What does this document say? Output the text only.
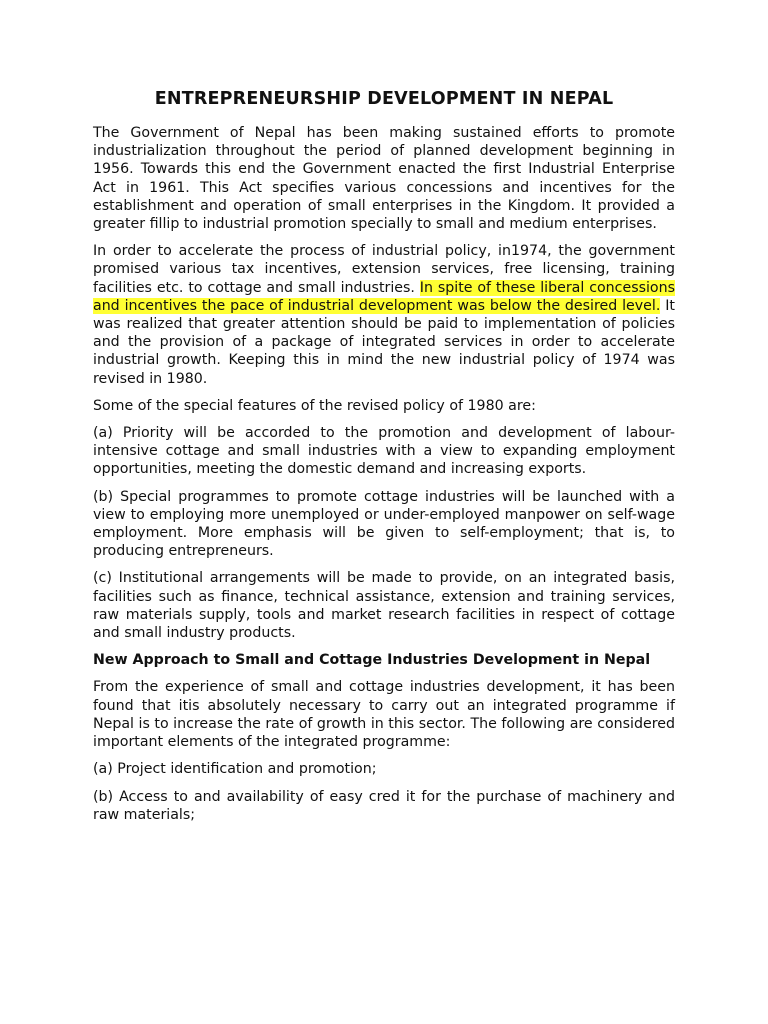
ENTREPRENEURSHIP DEVELOPMENT IN NEPAL

The Government of Nepal has been making sustained efforts to promote industrialization throughout the period of planned development beginning in 1956. Towards this end the Government enacted the first Industrial Enterprise Act in 1961. This Act specifies various concessions and incentives for the establishment and operation of small enterprises in the Kingdom. It provided a greater fillip to industrial promotion specially to small and medium enterprises.

In order to accelerate the process of industrial policy, in1974, the government promised various tax incentives, extension services, free licensing, training facilities etc. to cottage and small industries. In spite of these liberal concessions and incentives the pace of industrial development was below the desired level. It was realized that greater attention should be paid to implementation of policies and the provision of a package of integrated services in order to accelerate industrial growth. Keeping this in mind the new industrial policy of 1974 was revised in 1980.

Some of the special features of the revised policy of 1980 are:

(a) Priority will be accorded to the promotion and development of labour-intensive cottage and small industries with a view to expanding employment opportunities, meeting the domestic demand and increasing exports.

(b) Special programmes to promote cottage industries will be launched with a view to employing more unemployed or under-employed manpower on self-wage employment. More emphasis will be given to self-employment; that is, to producing entrepreneurs.

(c) Institutional arrangements will be made to provide, on an integrated basis, facilities such as finance, technical assistance, extension and training services, raw materials supply, tools and market research facilities in respect of cottage and small industry products.

New Approach to Small and Cottage Industries Development in Nepal

From the experience of small and cottage industries development, it has been found that itis absolutely necessary to carry out an integrated programme if Nepal is to increase the rate of growth in this sector. The following are considered important elements of the integrated programme:

(a) Project identification and promotion;

(b) Access to and availability of easy cred it for the purchase of machinery and raw materials;
